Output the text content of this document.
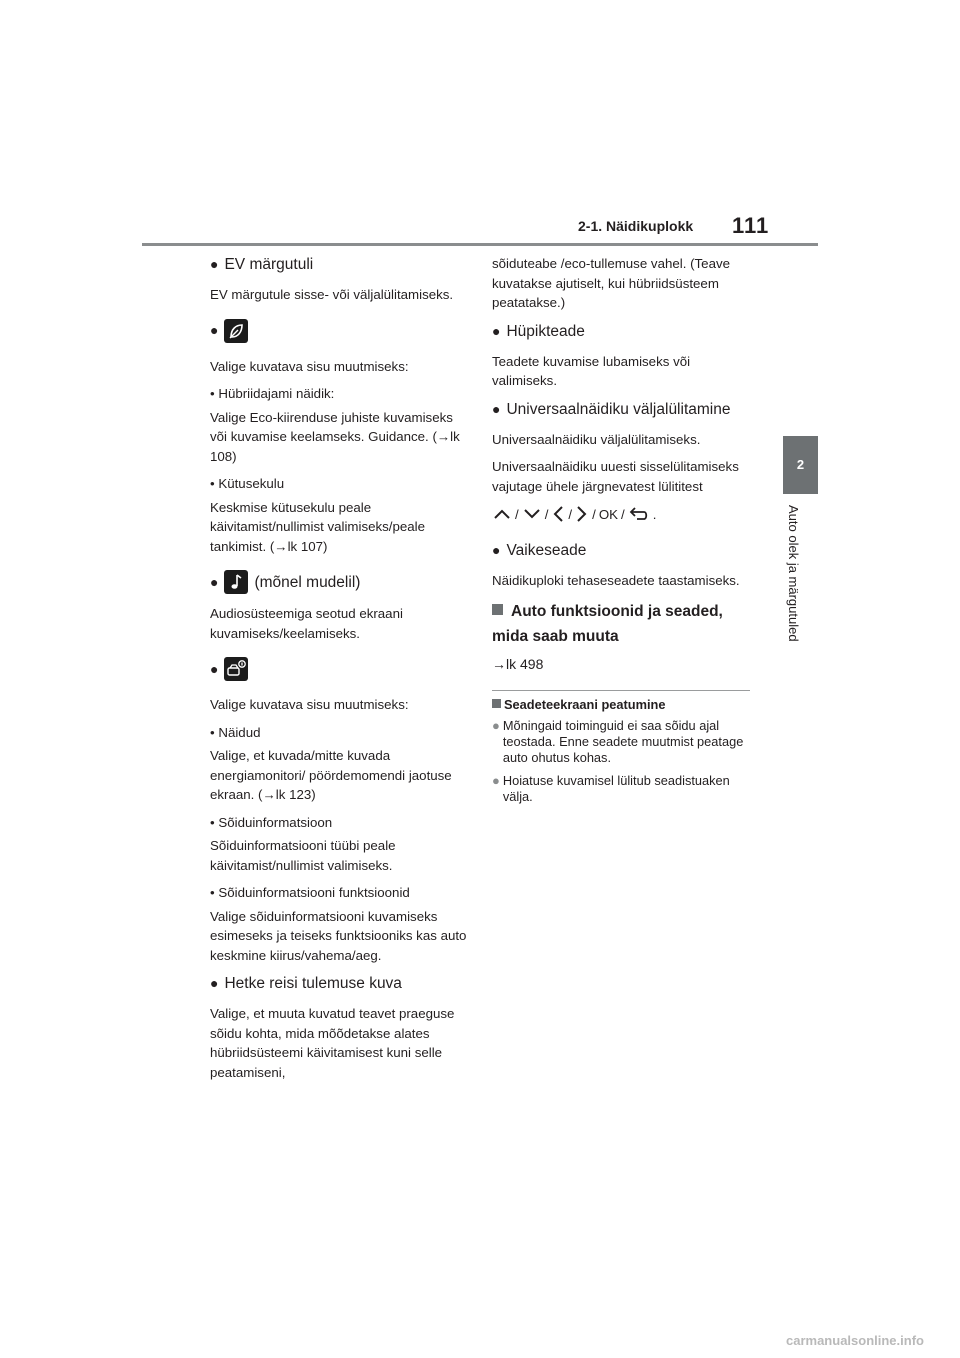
2-1. Näidikuplokk 111
2
Auto olek ja märgutuled
● EV märgutuli
EV märgutule sisse- või väljalülitamiseks.
●
Valige kuvatava sisu muutmiseks:
• Hübriidajami näidik:
Valige Eco-kiirenduse juhiste kuvamiseks või kuvamise keelamseks. Guidance. (→lk 108)
• Kütusekulu
Keskmise kütusekulu peale käivitamist/nullimist valimiseks/peale tankimist. (→lk 107)
● (mõnel mudelil)
Audiosüsteemiga seotud ekraani kuvamiseks/keelamiseks.
●
Valige kuvatava sisu muutmiseks:
• Näidud
Valige, et kuvada/mitte kuvada energiamonitori/ pöördemomendi jaotuse ekraan. (→lk 123)
• Sõiduinformatsioon
Sõiduinformatsiooni tüübi peale käivitamist/nullimist valimiseks.
• Sõiduinformatsiooni funktsioonid
Valige sõiduinformatsiooni kuvamiseks esimeseks ja teiseks funktsiooniks kas auto keskmine kiirus/vahema/aeg.
● Hetke reisi tulemuse kuva
Valige, et muuta kuvatud teavet praeguse sõidu kohta, mida mõõdetakse alates hübriidsüsteemi käivitamisest kuni selle peatamiseni,
sõiduteabe /eco-tullemuse vahel. (Teave kuvatakse ajutiselt, kui hübriidsüsteem peatatakse.)
● Hüpikteade
Teadete kuvamise lubamiseks või valimiseks.
● Universaalnäidiku väljalülitamine
Universaalnäidiku väljalülitamiseks.
Universaalnäidiku uuesti sisselülitamiseks vajutage ühele järgnevatest lülititest
/ / / / OK / .
● Vaikeseade
Näidikuploki tehaseseadete taastamiseks.
Auto funktsioonid ja seaded, mida saab muuta
→lk 498
Seadeteekraani peatumine
● Mõningaid toiminguid ei saa sõidu ajal teostada. Enne seadete muutmist peatage auto ohutus kohas.
● Hoiatuse kuvamisel lülitub seadistuaken välja.
carmanualsonline.info
